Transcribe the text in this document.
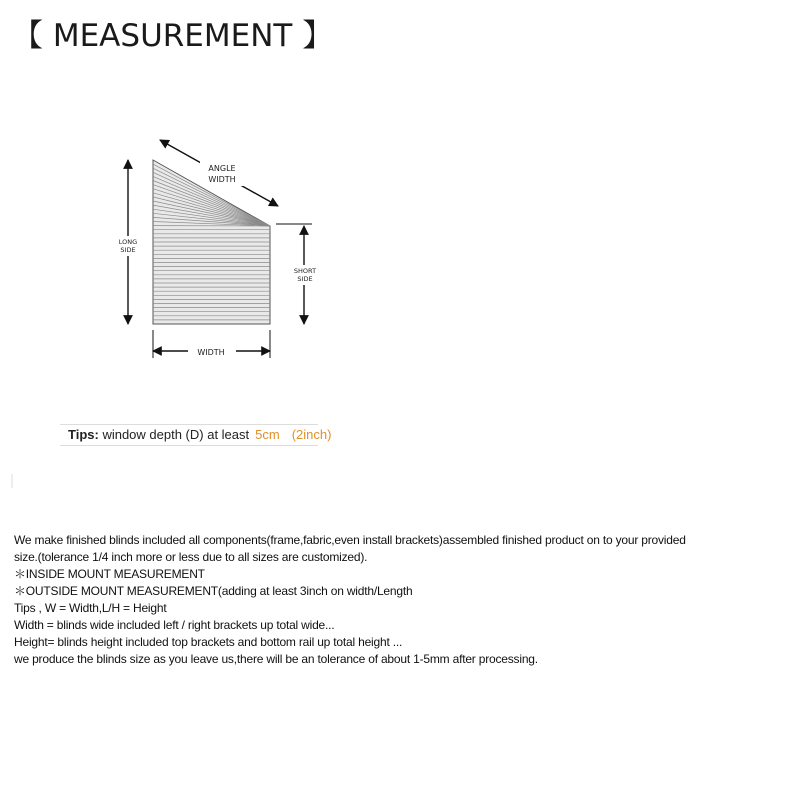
【 MEASUREMENT 】
ANGLE
WIDTH
LONG
SIDE
SHORT
SIDE
WIDTH
Tips: window depth (D) at least 5cm (2inch)
We make finished blinds included all components(frame,fabric,even install brackets)assembled finished product on to your provided
size.(tolerance 1/4 inch more or less due to all sizes are customized).
＊INSIDE MOUNT MEASUREMENT
＊OUTSIDE MOUNT MEASUREMENT(adding at least 3inch on width/Length
Tips , W = Width,L/H = Height
Width = blinds wide included left / right brackets up total wide...
Height= blinds height included top brackets and bottom rail up total height ...
we produce the blinds size as you leave us,there will be an tolerance of about 1-5mm after processing.
